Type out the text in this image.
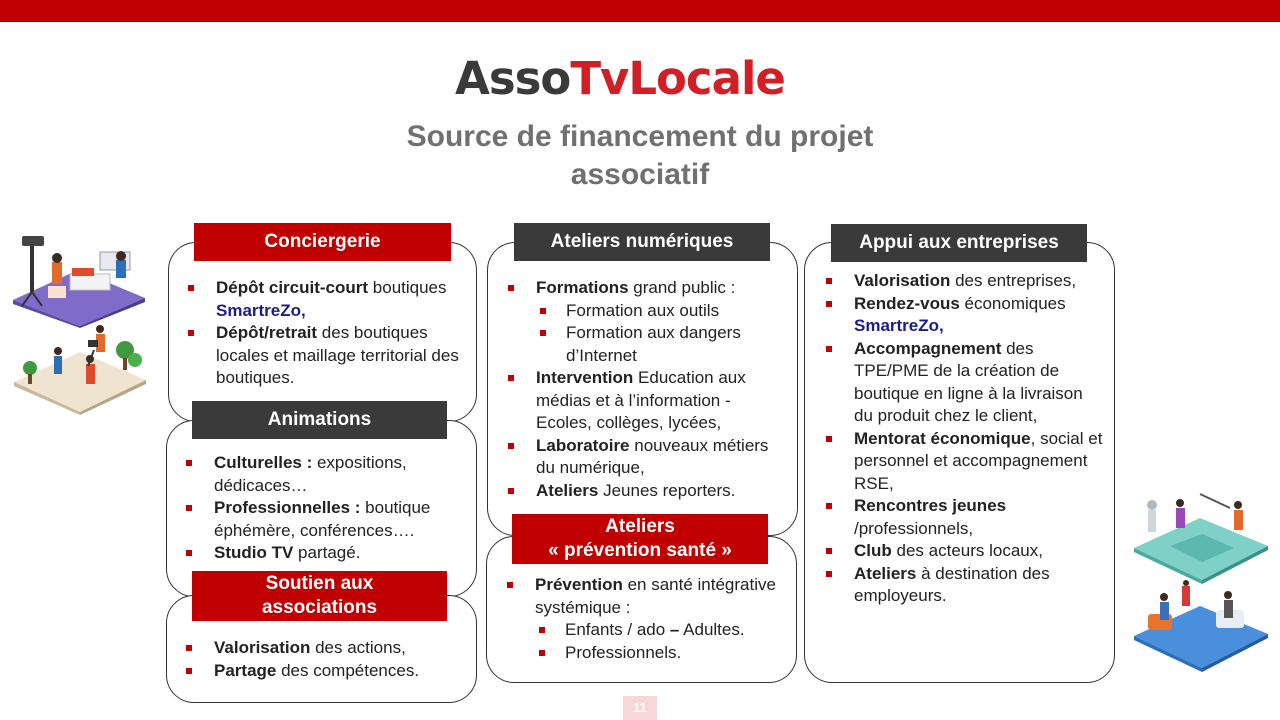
AssoTvLocale
Source de financement du projet
associatif
Conciergerie
Dépôt circuit-court boutiques SmartreZo,
Dépôt/retrait des boutiques locales et maillage territorial des boutiques.
Animations
Culturelles : expositions, dédicaces…
Professionnelles : boutique éphémère, conférences….
Studio TV partagé.
Soutien aux
associations
Valorisation des actions,
Partage des compétences.
Ateliers numériques
Formations grand public :
Formation aux outils
Formation aux dangers d’Internet
Intervention Education aux médias et à l’information - Ecoles, collèges, lycées,
Laboratoire nouveaux métiers du numérique,
Ateliers Jeunes reporters.
Ateliers
« prévention santé »
Prévention en santé intégrative systémique :
Enfants / ado – Adultes.
Professionnels.
Appui aux entreprises
Valorisation des entreprises,
Rendez-vous économiques SmartreZo,
Accompagnement des TPE/PME de la création de boutique en ligne à la livraison du produit chez le client,
Mentorat économique, social et personnel et accompagnement RSE,
Rencontres jeunes /professionnels,
Club des acteurs locaux,
Ateliers à destination des employeurs.
11
